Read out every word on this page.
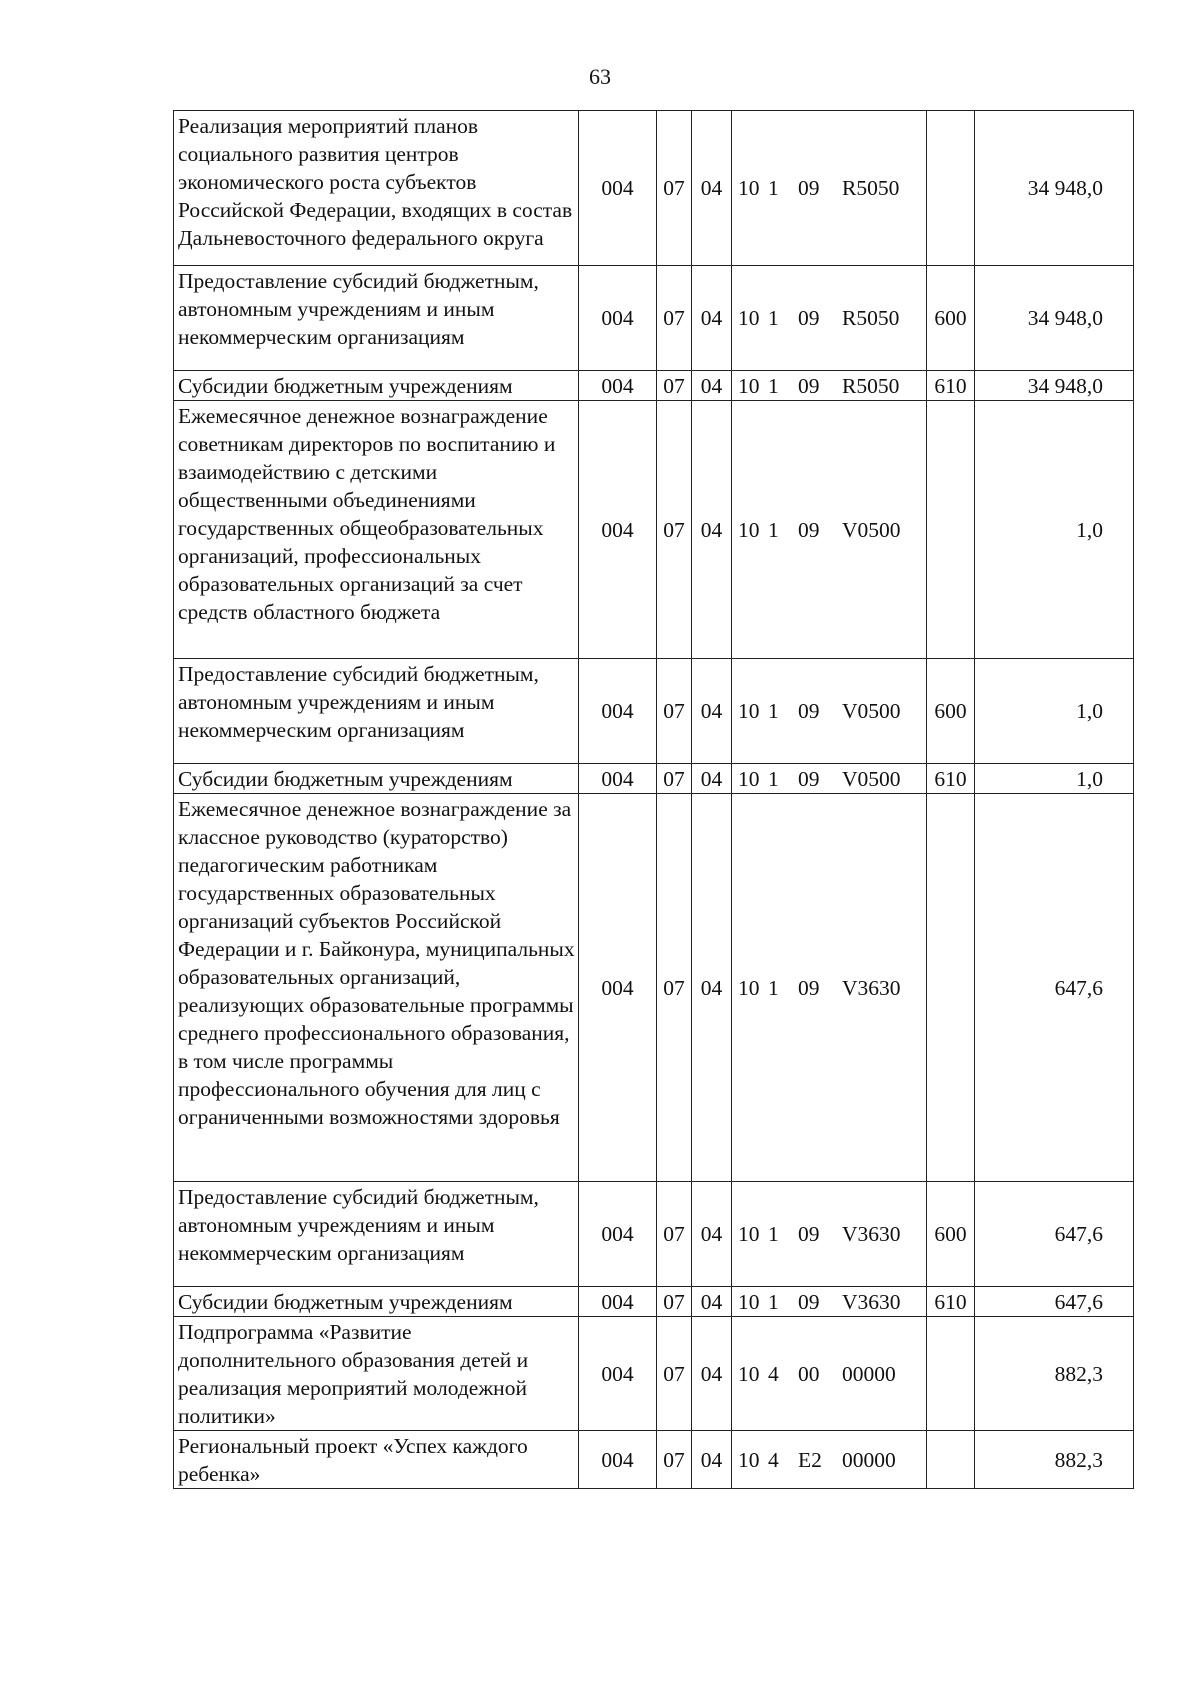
63
Реализация мероприятий планов социального развития центров экономического роста субъектов Российской Федерации, входящих в состав Дальневосточного федерального округа	004	07	04	10 1 09 R5050		34 948,0
Предоставление субсидий бюджетным, автономным учреждениям и иным некоммерческим организациям	004	07	04	10 1 09 R5050	600	34 948,0
Субсидии бюджетным учреждениям	004	07	04	10 1 09 R5050	610	34 948,0
Ежемесячное денежное вознаграждение советникам директоров по воспитанию и взаимодействию с детскими общественными объединениями государственных общеобразовательных организаций, профессиональных образовательных организаций за счет средств областного бюджета	004	07	04	10 1 09 V0500		1,0
Предоставление субсидий бюджетным, автономным учреждениям и иным некоммерческим организациям	004	07	04	10 1 09 V0500	600	1,0
Субсидии бюджетным учреждениям	004	07	04	10 1 09 V0500	610	1,0
Ежемесячное денежное вознаграждение за классное руководство (кураторство) педагогическим работникам государственных образовательных организаций субъектов Российской Федерации и г. Байконура, муниципальных образовательных организаций, реализующих образовательные программы среднего профессионального образования, в том числе программы профессионального обучения для лиц с ограниченными возможностями здоровья	004	07	04	10 1 09 V3630		647,6
Предоставление субсидий бюджетным, автономным учреждениям и иным некоммерческим организациям	004	07	04	10 1 09 V3630	600	647,6
Субсидии бюджетным учреждениям	004	07	04	10 1 09 V3630	610	647,6
Подпрограмма «Развитие дополнительного образования детей и реализация мероприятий молодежной политики»	004	07	04	10 4 00 00000		882,3
Региональный проект «Успех каждого ребенка»	004	07	04	10 4 E2 00000		882,3
